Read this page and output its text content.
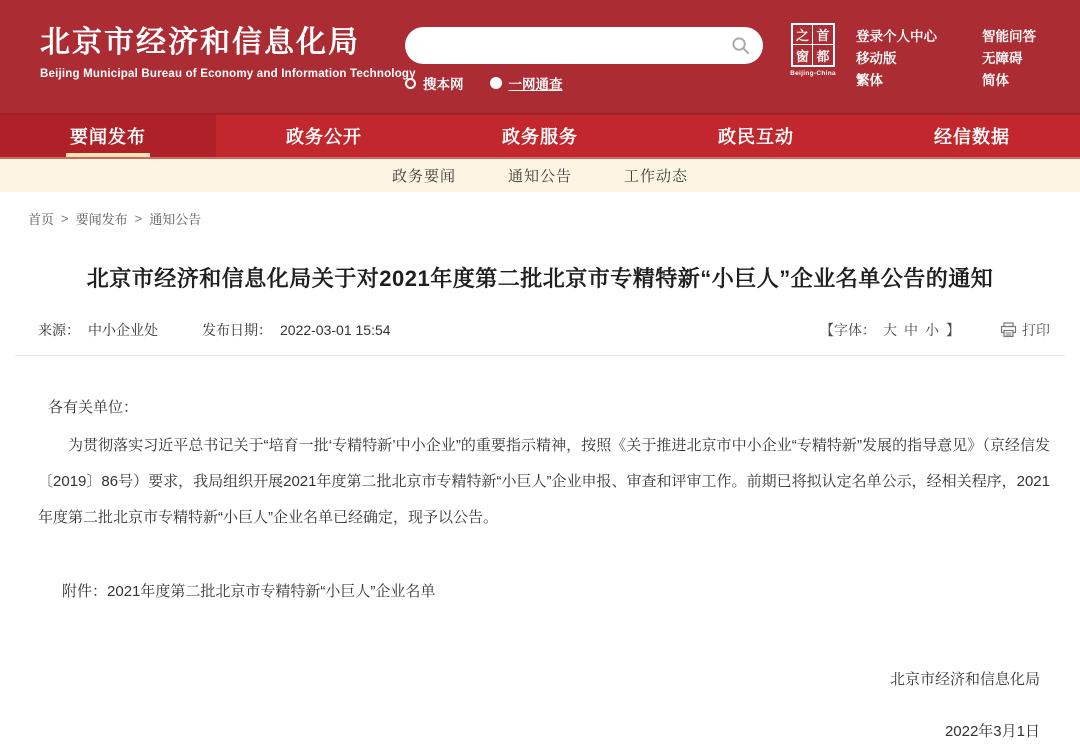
北京市经济和信息化局
Beijing Municipal Bureau of Economy and Information Technology
搜本网	一网通查
之 首
窗 都
Beijing-China
登录个人中心	智能问答
移动版	无障碍
繁体	简体
要闻发布	政务公开	政务服务	政民互动	经信数据
政务要闻	通知公告	工作动态
首页 > 要闻发布 > 通知公告
北京市经济和信息化局关于对2021年度第二批北京市专精特新“小巨人”企业名单公告的通知
来源： 中小企业处	发布日期： 2022-03-01 15:54	【字体： 大 中 小 】	打印

各有关单位：

为贯彻落实习近平总书记关于“培育一批‘专精特新’中小企业”的重要指示精神，按照《关于推进北京市中小企业“专精特新”发展的指导意见》（京经信发〔2019〕86号）要求，我局组织开展2021年度第二批北京市专精特新“小巨人”企业申报、审查和评审工作。前期已将拟认定名单公示，经相关程序，2021年度第二批北京市专精特新“小巨人”企业名单已经确定，现予以公告。

附件：2021年度第二批北京市专精特新“小巨人”企业名单

北京市经济和信息化局
2022年3月1日
